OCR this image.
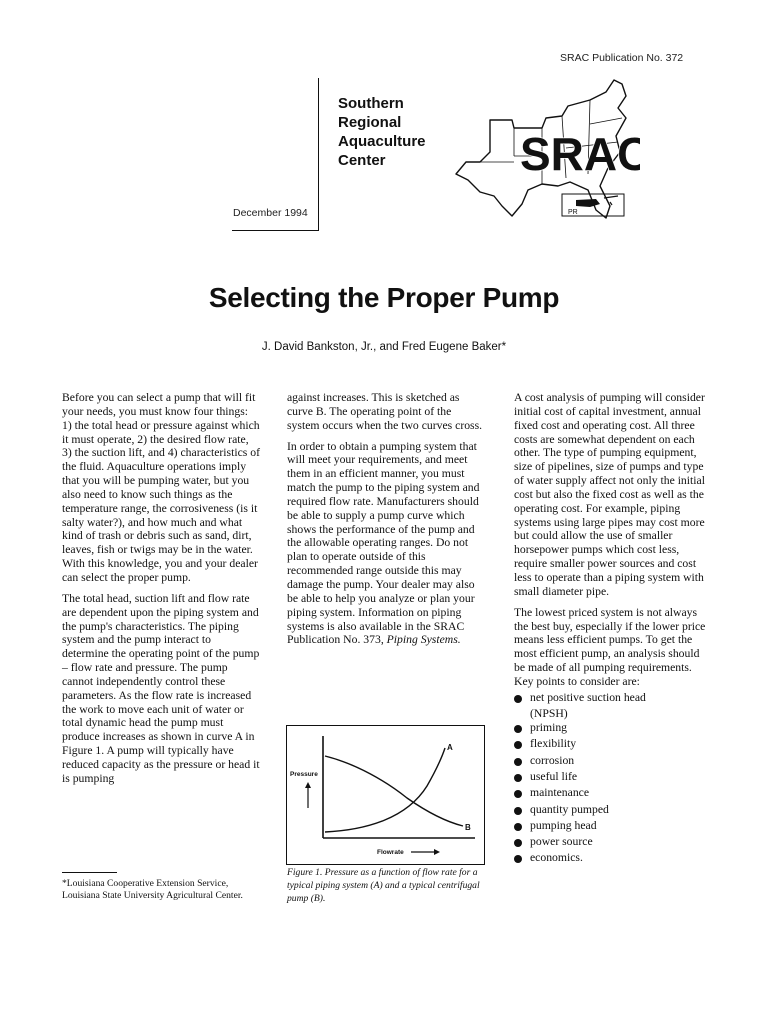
SRAC Publication No. 372
Southern
Regional
Aquaculture
Center	SRAC
PR
December 1994
Selecting the Proper Pump
J. David Bankston, Jr., and Fred Eugene Baker*

Before you can select a pump that will fit your needs, you must know four things: 1) the total head or pressure against which it must operate, 2) the desired flow rate, 3) the suction lift, and 4) characteristics of the fluid. Aquaculture operations imply that you will be pumping water, but you also need to know such things as the temperature range, the corrosiveness (is it salty water?), and how much and what kind of trash or debris such as sand, dirt, leaves, fish or twigs may be in the water. With this knowledge, you and your dealer can select the proper pump.

The total head, suction lift and flow rate are dependent upon the piping system and the pump's characteristics. The piping system and the pump interact to determine the operating point of the pump – flow rate and pressure. The pump cannot independently control these parameters. As the flow rate is increased the work to move each unit of water or total dynamic head the pump must produce increases as shown in curve A in Figure 1. A pump will typically have reduced capacity as the pressure or head it is pumping

*Louisiana Cooperative Extension Service, Louisiana State University Agricultural Center.

against increases. This is sketched as curve B. The operating point of the system occurs when the two curves cross.

In order to obtain a pumping system that will meet your requirements, and meet them in an efficient manner, you must match the pump to the piping system and required flow rate. Manufacturers should be able to supply a pump curve which shows the performance of the pump and the allowable operating ranges. Do not plan to operate outside of this recommended range outside this may damage the pump. Your dealer may also be able to help you analyze or plan your piping system. Information on piping systems is also available in the SRAC Publication No. 373, Piping Systems.

A
B
Pressure
Flowrate
Figure 1. Pressure as a function of flow rate for a typical piping system (A) and a typical centrifugal pump (B).

A cost analysis of pumping will consider initial cost of capital investment, annual fixed cost and operating cost. All three costs are somewhat dependent on each other. The type of pumping equipment, size of pipelines, size of pumps and type of water supply affect not only the initial cost but also the fixed cost as well as the operating cost. For example, piping systems using large pipes may cost more but could allow the use of smaller horsepower pumps which cost less, require smaller power sources and cost less to operate than a piping system with small diameter pipe.

The lowest priced system is not always the best buy, especially if the lower price means less efficient pumps. To get the most efficient pump, an analysis should be made of all pumping requirements. Key points to consider are:

net positive suction head
(NPSH)
priming
flexibility
corrosion
useful life
maintenance
quantity pumped
pumping head
power source
economics.
